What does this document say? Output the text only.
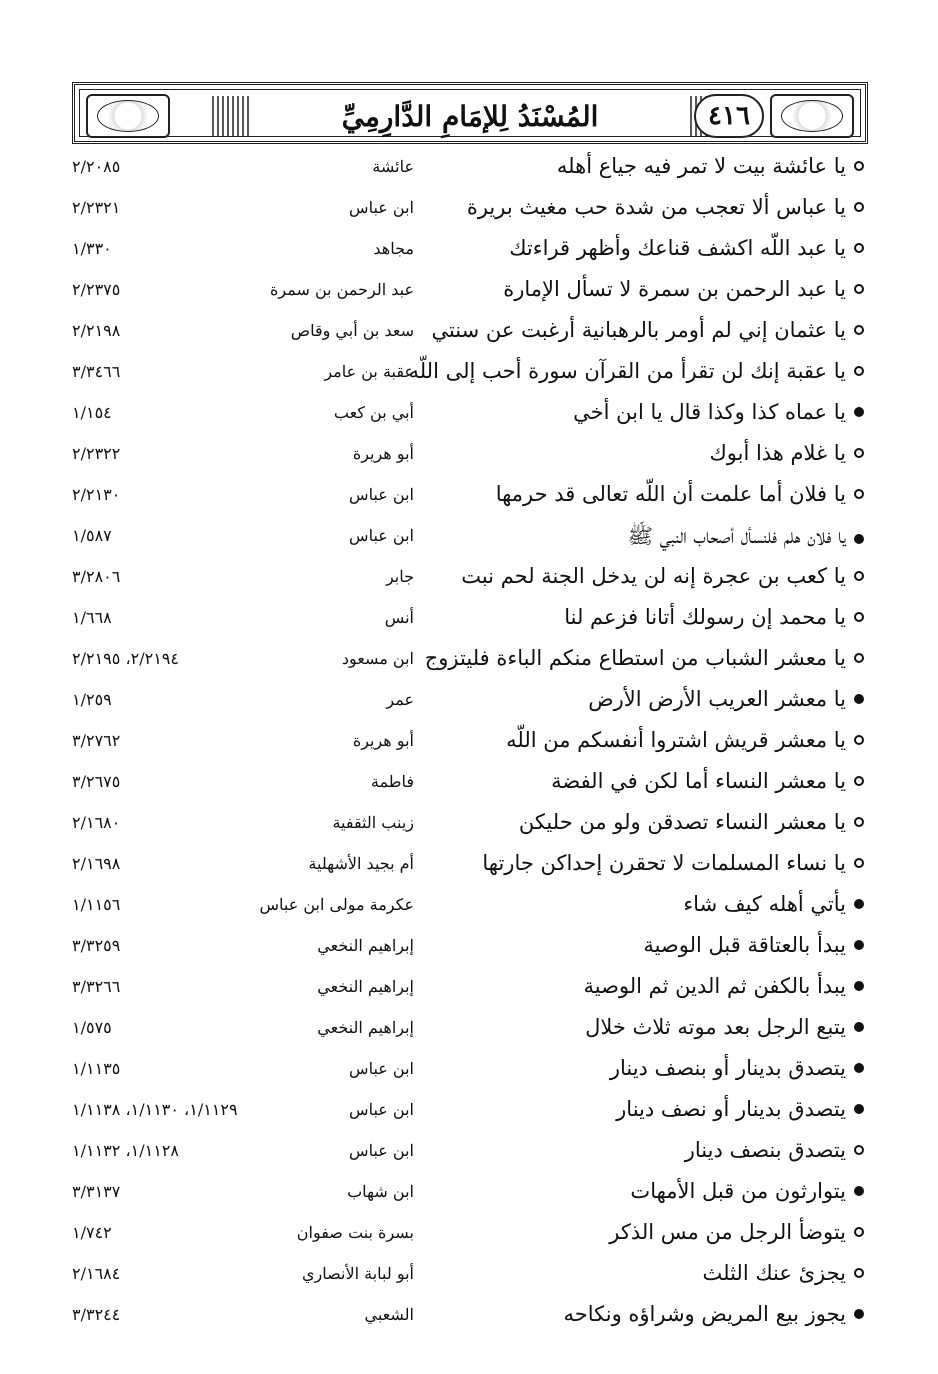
المُسْنَدُ لِلإمَامِ الدَّارِمِيِّ	٤١٦
يا عائشة بيت لا تمر فيه جياع أهله
عائشة
٢/٢٠٨٥
يا عباس ألا تعجب من شدة حب مغيث بريرة
ابن عباس
٢/٢٣٢١
يا عبد اللّه اكشف قناعك وأظهر قراءتك
مجاهد
١/٣٣٠
يا عبد الرحمن بن سمرة لا تسأل الإمارة
عبد الرحمن بن سمرة
٢/٢٣٧٥
يا عثمان إني لم أومر بالرهبانية أرغبت عن سنتي
سعد بن أبي وقاص
٢/٢١٩٨
يا عقبة إنك لن تقرأ من القرآن سورة أحب إلى اللّه
عقبة بن عامر
٣/٣٤٦٦
يا عماه كذا وكذا قال يا ابن أخي
أبي بن كعب
١/١٥٤
يا غلام هذا أبوك
أبو هريرة
٢/٢٣٢٢
يا فلان أما علمت أن اللّه تعالى قد حرمها
ابن عباس
٢/٢١٣٠
يا فلان هلم فلنسأل أصحاب النبي ﷺ
ابن عباس
١/٥٨٧
يا كعب بن عجرة إنه لن يدخل الجنة لحم نبت
جابر
٣/٢٨٠٦
يا محمد إن رسولك أتانا فزعم لنا
أنس
١/٦٦٨
يا معشر الشباب من استطاع منكم الباءة فليتزوج
ابن مسعود
٢/٢١٩٤، ٢/٢١٩٥
يا معشر العريب الأرض الأرض
عمر
١/٢٥٩
يا معشر قريش اشتروا أنفسكم من اللّه
أبو هريرة
٣/٢٧٦٢
يا معشر النساء أما لكن في الفضة
فاطمة
٣/٢٦٧٥
يا معشر النساء تصدقن ولو من حليكن
زينب الثقفية
٢/١٦٨٠
يا نساء المسلمات لا تحقرن إحداكن جارتها
أم بجيد الأشهلية
٢/١٦٩٨
يأتي أهله كيف شاء
عكرمة مولى ابن عباس
١/١١٥٦
يبدأ بالعتاقة قبل الوصية
إبراهيم النخعي
٣/٣٢٥٩
يبدأ بالكفن ثم الدين ثم الوصية
إبراهيم النخعي
٣/٣٢٦٦
يتبع الرجل بعد موته ثلاث خلال
إبراهيم النخعي
١/٥٧٥
يتصدق بدينار أو بنصف دينار
ابن عباس
١/١١٣٥
يتصدق بدينار أو نصف دينار
ابن عباس
١/١١٢٩، ١/١١٣٠، ١/١١٣٨
يتصدق بنصف دينار
ابن عباس
١/١١٢٨، ١/١١٣٢
يتوارثون من قبل الأمهات
ابن شهاب
٣/٣١٣٧
يتوضأ الرجل من مس الذكر
بسرة بنت صفوان
١/٧٤٢
يجزئ عنك الثلث
أبو لبابة الأنصاري
٢/١٦٨٤
يجوز بيع المريض وشراؤه ونكاحه
الشعبي
٣/٣٢٤٤
